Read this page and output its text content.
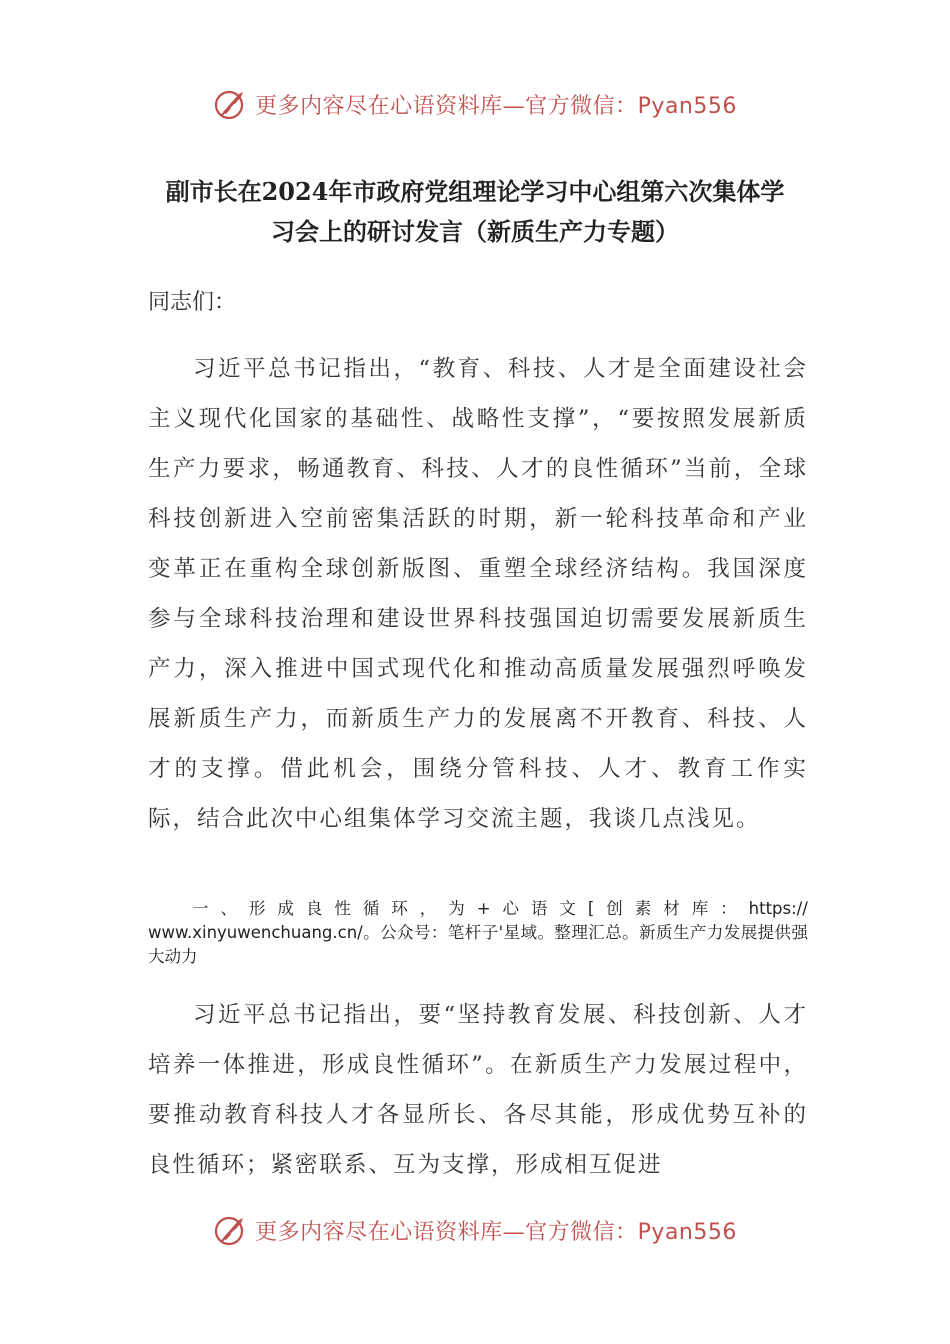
更多内容尽在心语资料库—官方微信：Pyan556
副市长在2024年市政府党组理论学习中心组第六次集体学
习会上的研讨发言（新质生产力专题）
同志们：
习近平总书记指出，“教育、科技、人才是全面建设社会主义现代化国家的基础性、战略性支撑”，“要按照发展新质生产力要求，畅通教育、科技、人才的良性循环”当前，全球科技创新进入空前密集活跃的时期，新一轮科技革命和产业变革正在重构全球创新版图、重塑全球经济结构。我国深度参与全球科技治理和建设世界科技强国迫切需要发展新质生产力，深入推进中国式现代化和推动高质量发展强烈呼唤发展新质生产力，而新质生产力的发展离不开教育、科技、人才的支撑。借此机会，围绕分管科技、人才、教育工作实际，结合此次中心组集体学习交流主题，我谈几点浅见。
一 、 形 成 良 性 循 环 ， 为 + 心 语 文 [ 创 素 材 库 ： https://
www.xinyuwenchuang.cn/。公众号：笔杆子'星域。整理汇总。新质生产力发展提供强大动力
习近平总书记指出，要“坚持教育发展、科技创新、人才培养一体推进，形成良性循环”。在新质生产力发展过程中，要推动教育科技人才各显所长、各尽其能，形成优势互补的良性循环；紧密联系、互为支撑，形成相互促进
更多内容尽在心语资料库—官方微信：Pyan556
